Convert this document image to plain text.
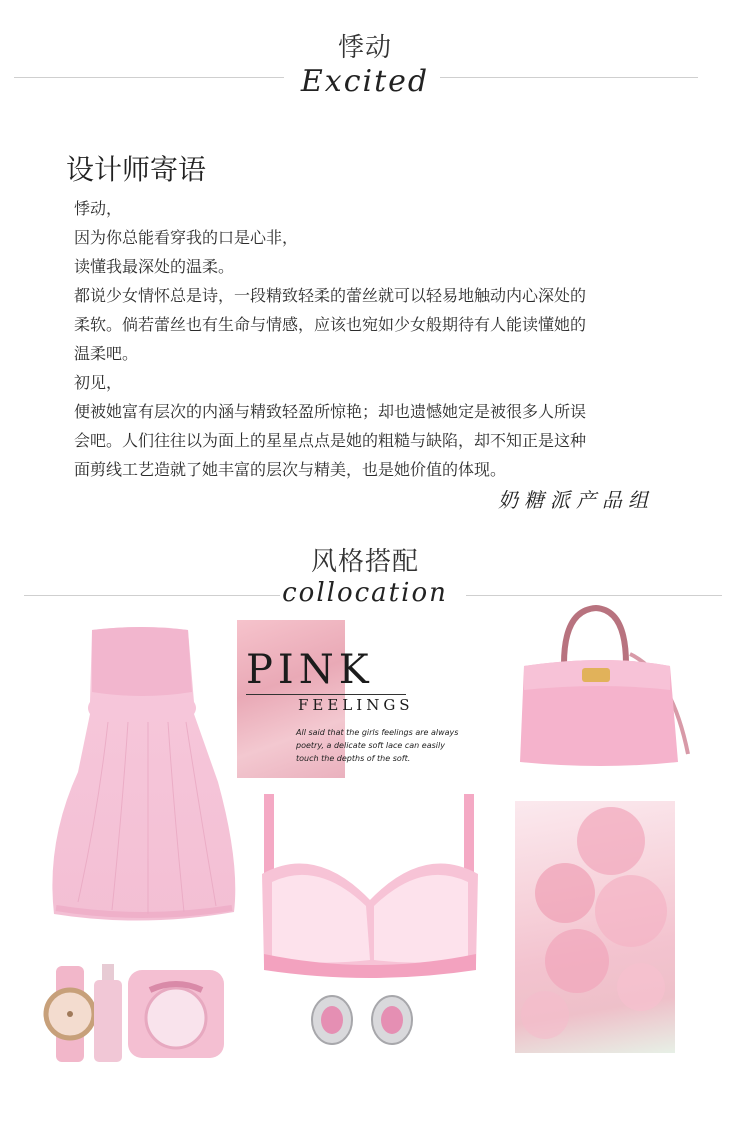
悸动
Excited
设计师寄语
悸动，
因为你总能看穿我的口是心非，
读懂我最深处的温柔。
都说少女情怀总是诗，一段精致轻柔的蕾丝就可以轻易地触动内心深处的
柔软。倘若蕾丝也有生命与情感，应该也宛如少女般期待有人能读懂她的
温柔吧。
初见，
便被她富有层次的内涵与精致轻盈所惊艳；却也遗憾她定是被很多人所误
会吧。人们往往以为面上的星星点点是她的粗糙与缺陷，却不知正是这种
面剪线工艺造就了她丰富的层次与精美，也是她价值的体现。
奶糖派产品组
风格搭配
collocation
PINK
FEELINGS
All said that the girls feelings are always poetry, a delicate soft lace can easily touch the depths of the soft.
